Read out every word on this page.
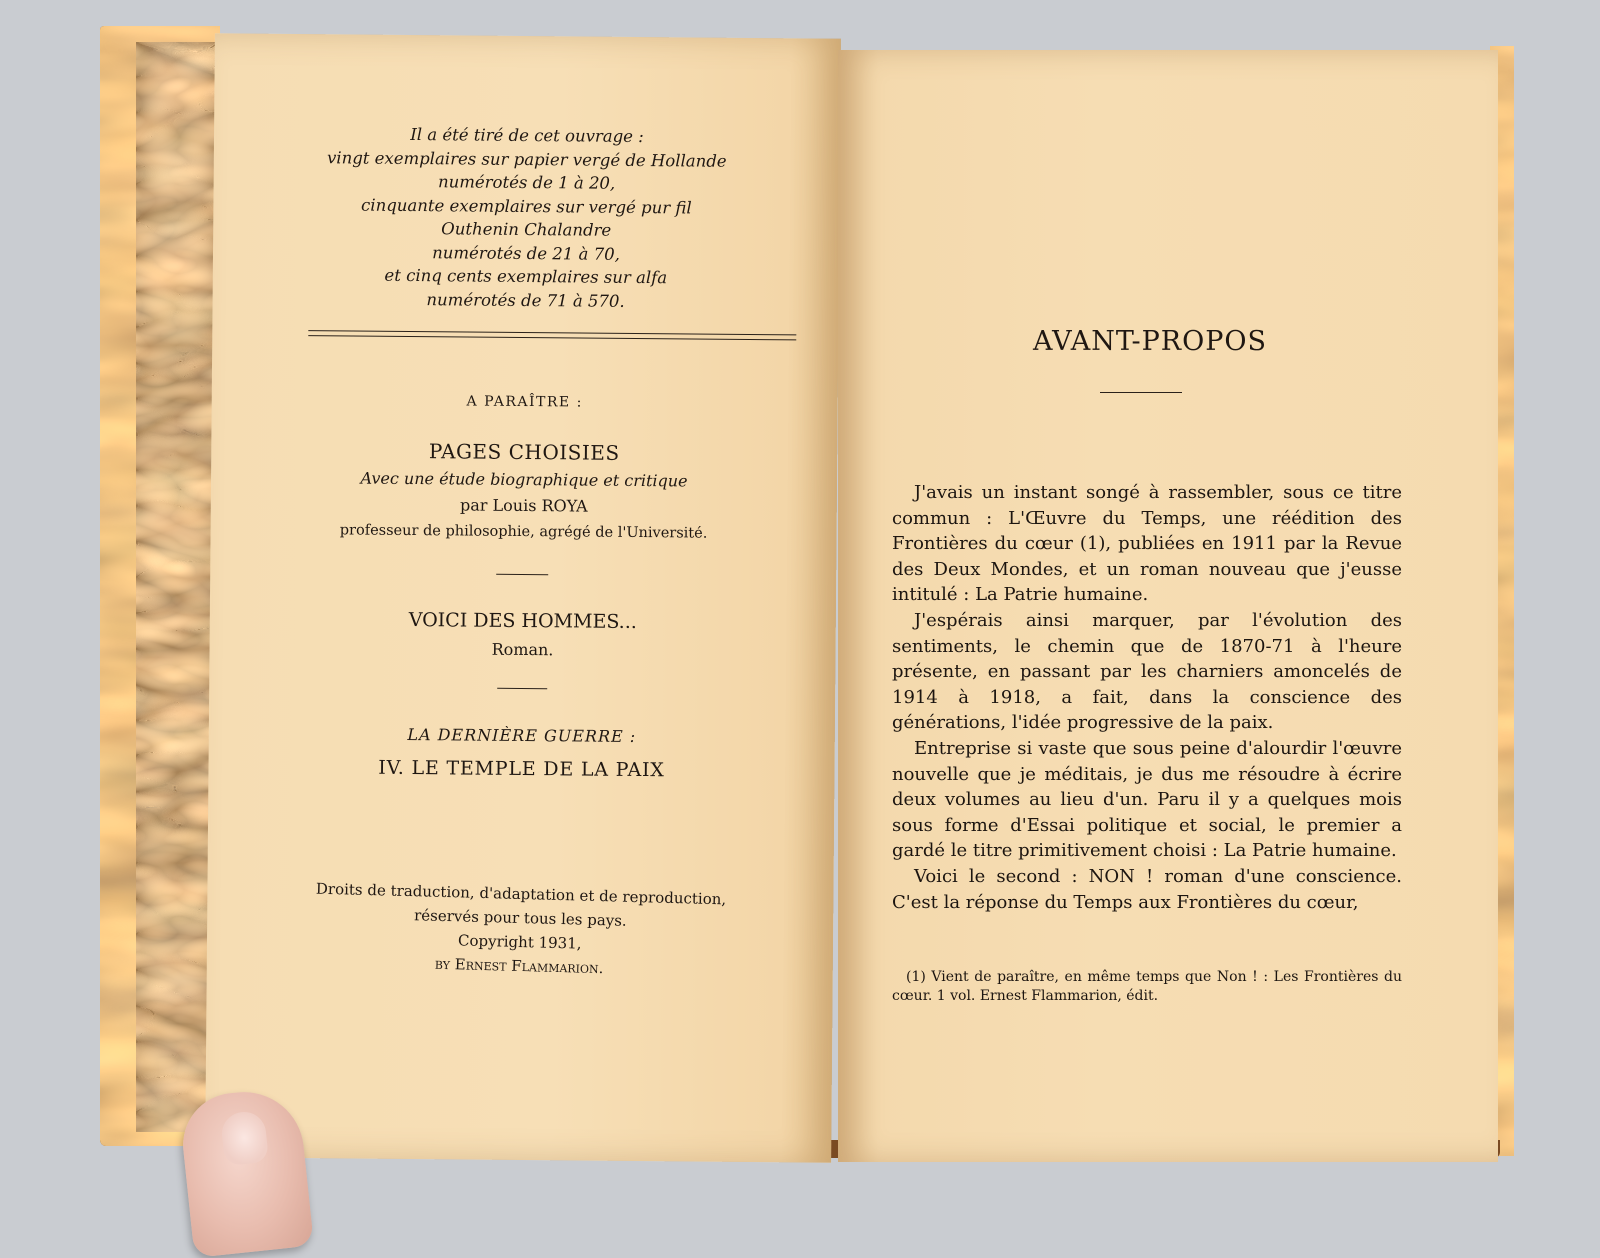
Il a été tiré de cet ouvrage :
vingt exemplaires sur papier vergé de Hollande
numérotés de 1 à 20,
cinquante exemplaires sur vergé pur fil
Outhenin Chalandre
numérotés de 21 à 70,
et cinq cents exemplaires sur alfa
numérotés de 71 à 570.
A PARAÎTRE :
PAGES CHOISIES
Avec une étude biographique et critique
par Louis ROYA
professeur de philosophie, agrégé de l'Université.
VOICI DES HOMMES...
Roman.
LA DERNIÈRE GUERRE :
IV. LE TEMPLE DE LA PAIX
Droits de traduction, d'adaptation et de reproduction,
réservés pour tous les pays.
Copyright 1931,
by Ernest Flammarion.
AVANT-PROPOS

J'avais un instant songé à rassembler, sous ce titre commun : L'Œuvre du Temps, une réédition des Frontières du cœur (1), publiées en 1911 par la Revue des Deux Mondes, et un roman nouveau que j'eusse intitulé : La Patrie humaine.

J'espérais ainsi marquer, par l'évolution des sentiments, le chemin que de 1870-71 à l'heure présente, en passant par les charniers amoncelés de 1914 à 1918, a fait, dans la conscience des générations, l'idée progressive de la paix.

Entreprise si vaste que sous peine d'alourdir l'œuvre nouvelle que je méditais, je dus me résoudre à écrire deux volumes au lieu d'un. Paru il y a quelques mois sous forme d'Essai politique et social, le premier a gardé le titre primitivement choisi : La Patrie humaine.

Voici le second : NON ! roman d'une conscience. C'est la réponse du Temps aux Frontières du cœur,

(1) Vient de paraître, en même temps que Non ! : Les Frontières du cœur. 1 vol. Ernest Flammarion, édit.
